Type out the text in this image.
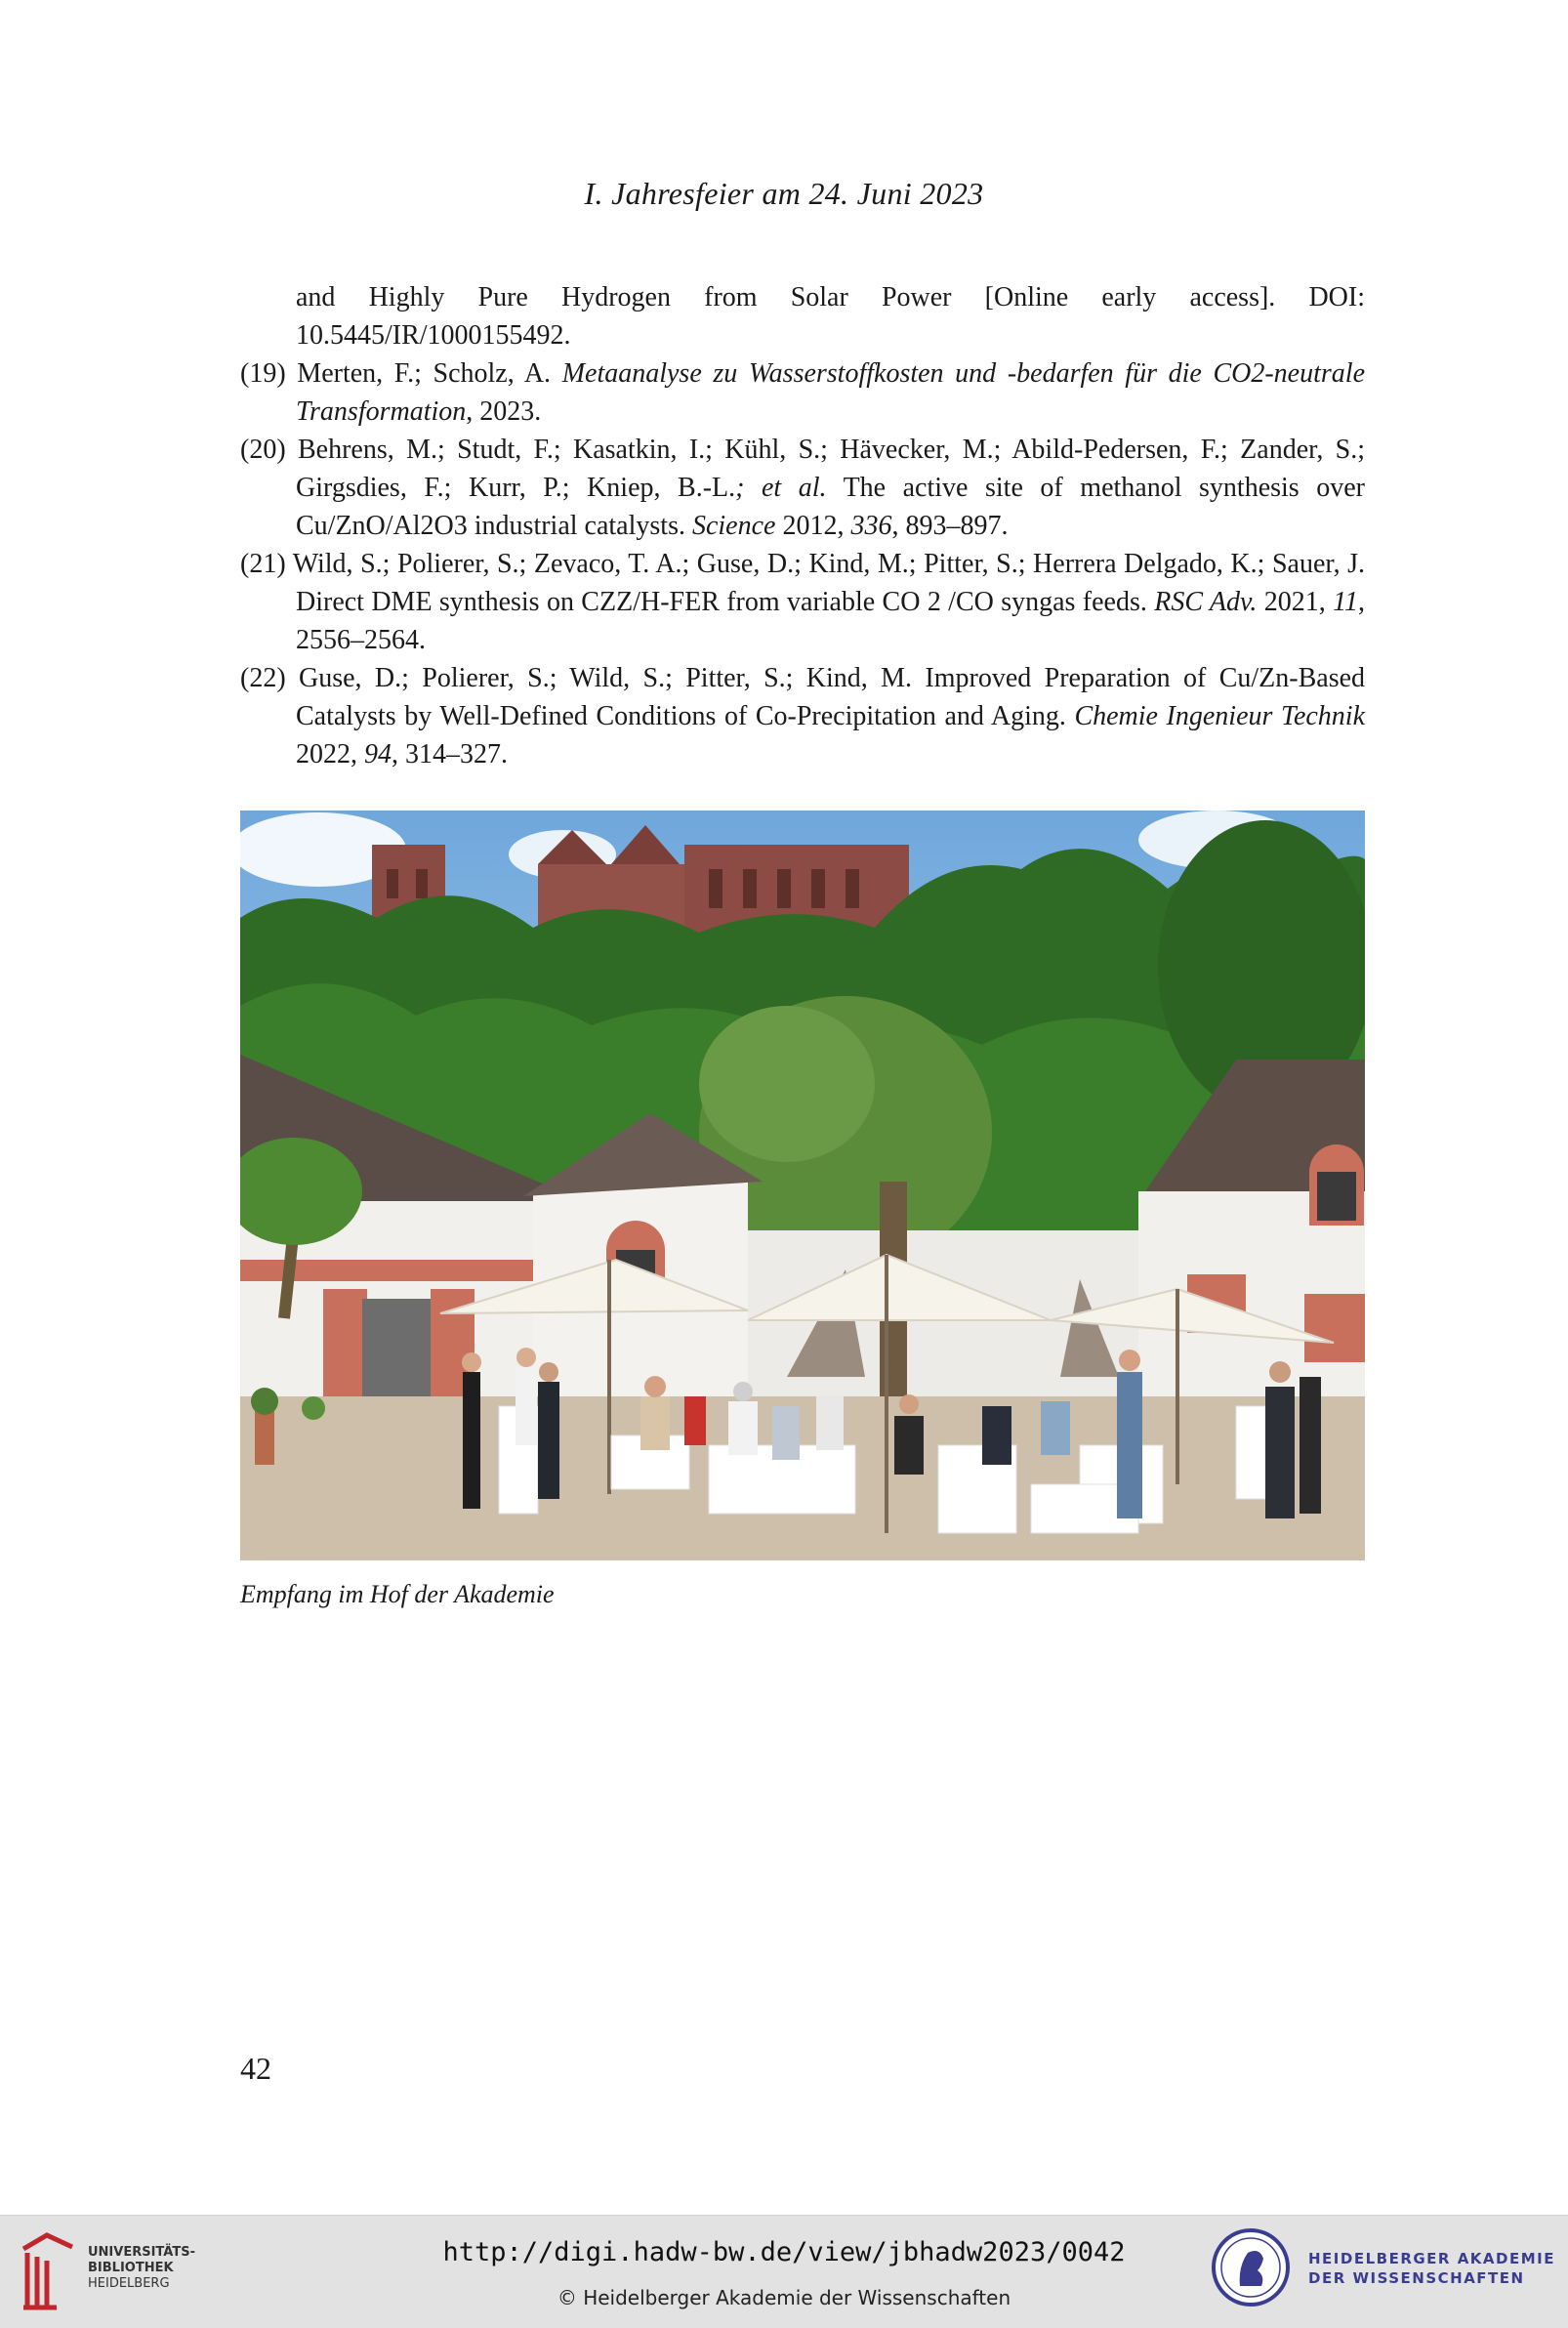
I. Jahresfeier am 24. Juni 2023

and Highly Pure Hydrogen from Solar Power [Online early access]. DOI: 10.5445/IR/1000155492.

(19) Merten, F.; Scholz, A. Metaanalyse zu Wasserstoffkosten und -bedarfen für die CO2-neutrale Transformation, 2023.

(20) Behrens, M.; Studt, F.; Kasatkin, I.; Kühl, S.; Hävecker, M.; Abild-Pedersen, F.; Zander, S.; Girgsdies, F.; Kurr, P.; Kniep, B.-L.; et al. The active site of methanol synthesis over Cu/ZnO/Al2O3 industrial catalysts. Science 2012, 336, 893–897.

(21) Wild, S.; Polierer, S.; Zevaco, T. A.; Guse, D.; Kind, M.; Pitter, S.; Herrera Delgado, K.; Sauer, J. Direct DME synthesis on CZZ/H-FER from variable CO 2 /CO syngas feeds. RSC Adv. 2021, 11, 2556–2564.

(22) Guse, D.; Polierer, S.; Wild, S.; Pitter, S.; Kind, M. Improved Preparation of Cu/Zn-Based Catalysts by Well-Defined Conditions of Co-Precipitation and Aging. Chemie Ingenieur Technik 2022, 94, 314–327.

Empfang im Hof der Akademie
42
UNIVERSITÄTS-
BIBLIOTHEK
HEIDELBERG
http://digi.hadw-bw.de/view/jbhadw2023/0042
© Heidelberger Akademie der Wissenschaften
HEIDELBERGER AKADEMIE
DER WISSENSCHAFTEN
